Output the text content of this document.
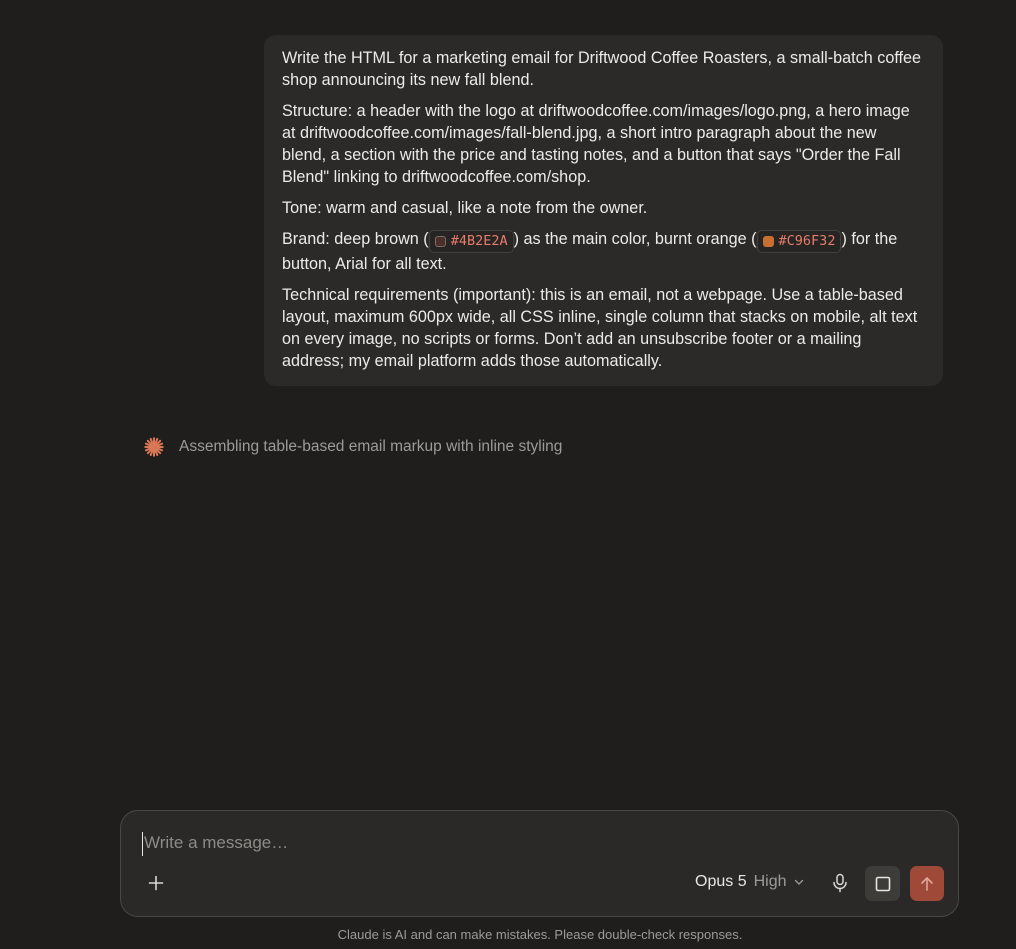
Write the HTML for a marketing email for Driftwood Coffee Roasters, a small-batch coffee shop announcing its new fall blend.

Structure: a header with the logo at driftwoodcoffee.com/images/logo.png, a hero image at driftwoodcoffee.com/images/fall-blend.jpg, a short intro paragraph about the new blend, a section with the price and tasting notes, and a button that says "Order the Fall Blend" linking to driftwoodcoffee.com/shop.

Tone: warm and casual, like a note from the owner.

Brand: deep brown ( #4B2E2A ) as the main color, burnt orange ( #C96F32 ) for the button, Arial for all text.

Technical requirements (important): this is an email, not a webpage. Use a table-based layout, maximum 600px wide, all CSS inline, single column that stacks on mobile, alt text on every image, no scripts or forms. Don’t add an unsubscribe footer or a mailing address; my email platform adds those automatically.

Assembling table-based email markup with inline styling
Write a message…
Opus 5 High
Claude is AI and can make mistakes. Please double-check responses.
